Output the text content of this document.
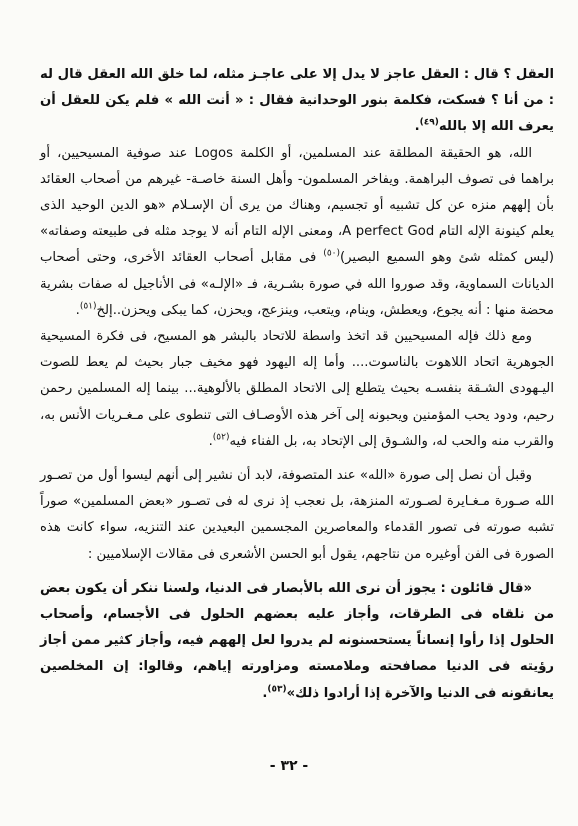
العقل ؟ قال : العقل عاجز لا يدل إلا على عاجـز مثله، لما خلق الله العقل قال له : من أنا ؟ فسكت، فكلمة بنور الوحدانية فقال : « أنت الله » فلم يكن للعقل أن يعرف الله إلا بالله$^{(٤٩)}$.

الله، هو الحقيقة المطلقة عند المسلمين، أو الكلمة Logos عند صوفية المسيحيين، أو براهما فى تصوف البراهمة. ويفاخر المسلمون- وأهل السنة خاصـة- غيرهم من أصحاب العقائد بأن إلههم منزه عن كل تشبيه أو تجسيم، وهناك من يرى أن الإسـلام «هو الدين الوحيد الذى يعلم كينونة الإله التام A perfect God، ومعنى الإله التام أنه لا يوجد مثله فى طبيعته وصفاته» (ليس كمثله شئ وهو السميع البصير)$^{(٥٠)}$ فى مقابل أصحاب العقائد الأخرى، وحتى أصحاب الديانات السماوية، وقد صوروا الله في صورة بشـرية، فـ «الإلـه» فى الأناجيل له صفات بشرية محضة منها : أنه يجوع، ويعطش، وينام، ويتعب، وينزعج، ويحزن، كما يبكى ويحزن..إلخ$^{(٥١)}$.

ومع ذلك فإله المسيحيين قد اتخذ واسطة للاتحاد بالبشر هو المسيح، فى فكرة المسيحية الجوهرية اتحاد اللاهوت بالناسوت.... وأما إله اليهود فهو مخيف جبار بحيث لم يعط للصوت اليـهودى الشـقة بنفسـه بحيث يتطلع إلى الاتحاد المطلق بالألوهية... بينما إله المسلمين رحمن رحيم، ودود يحب المؤمنين ويحبونه إلى آخر هذه الأوصـاف التى تنطوى على مـغـريات الأنس به، والقرب منه والحب له، والشـوق إلى الإتحاد به، بل الفناء فيه$^{(٥٢)}$.

وقبل أن نصل إلى صورة «الله» عند المتصوفة، لابد أن نشير إلى أنهم ليسوا أول من تصـور الله صـورة مـغـايرة لصـورته المنزهة، بل نعجب إذ نرى له فى تصـور «بعض المسلمين» صوراً تشبه صورته فى تصور القدماء والمعاصرين المجسمين البعيدين عند التنزيه، سواء كانت هذه الصورة فى الفن أوغيره من نتاجهم، يقول أبو الحسن الأشعرى فى مقالات الإسلاميين :

«قال قائلون : يجوز أن نرى الله بالأبصار فى الدنيا، ولسنا ننكر أن يكون بعض من نلقاه فى الطرقات، وأجاز عليه بعضهم الحلول فى الأجسام، وأصحاب الحلول إذا رأوا إنساناً يستحسنونه لم يدروا لعل إلههم فيه، وأجاز كثير ممن أجاز رؤيته فى الدنيا مصافحته وملامسته ومزاورته إياهم، وقالوا: إن المخلصين يعانقونه فى الدنيا والآخرة إذا أرادوا ذلك»$^{(٥٣)}$.

- ٣٢ -
